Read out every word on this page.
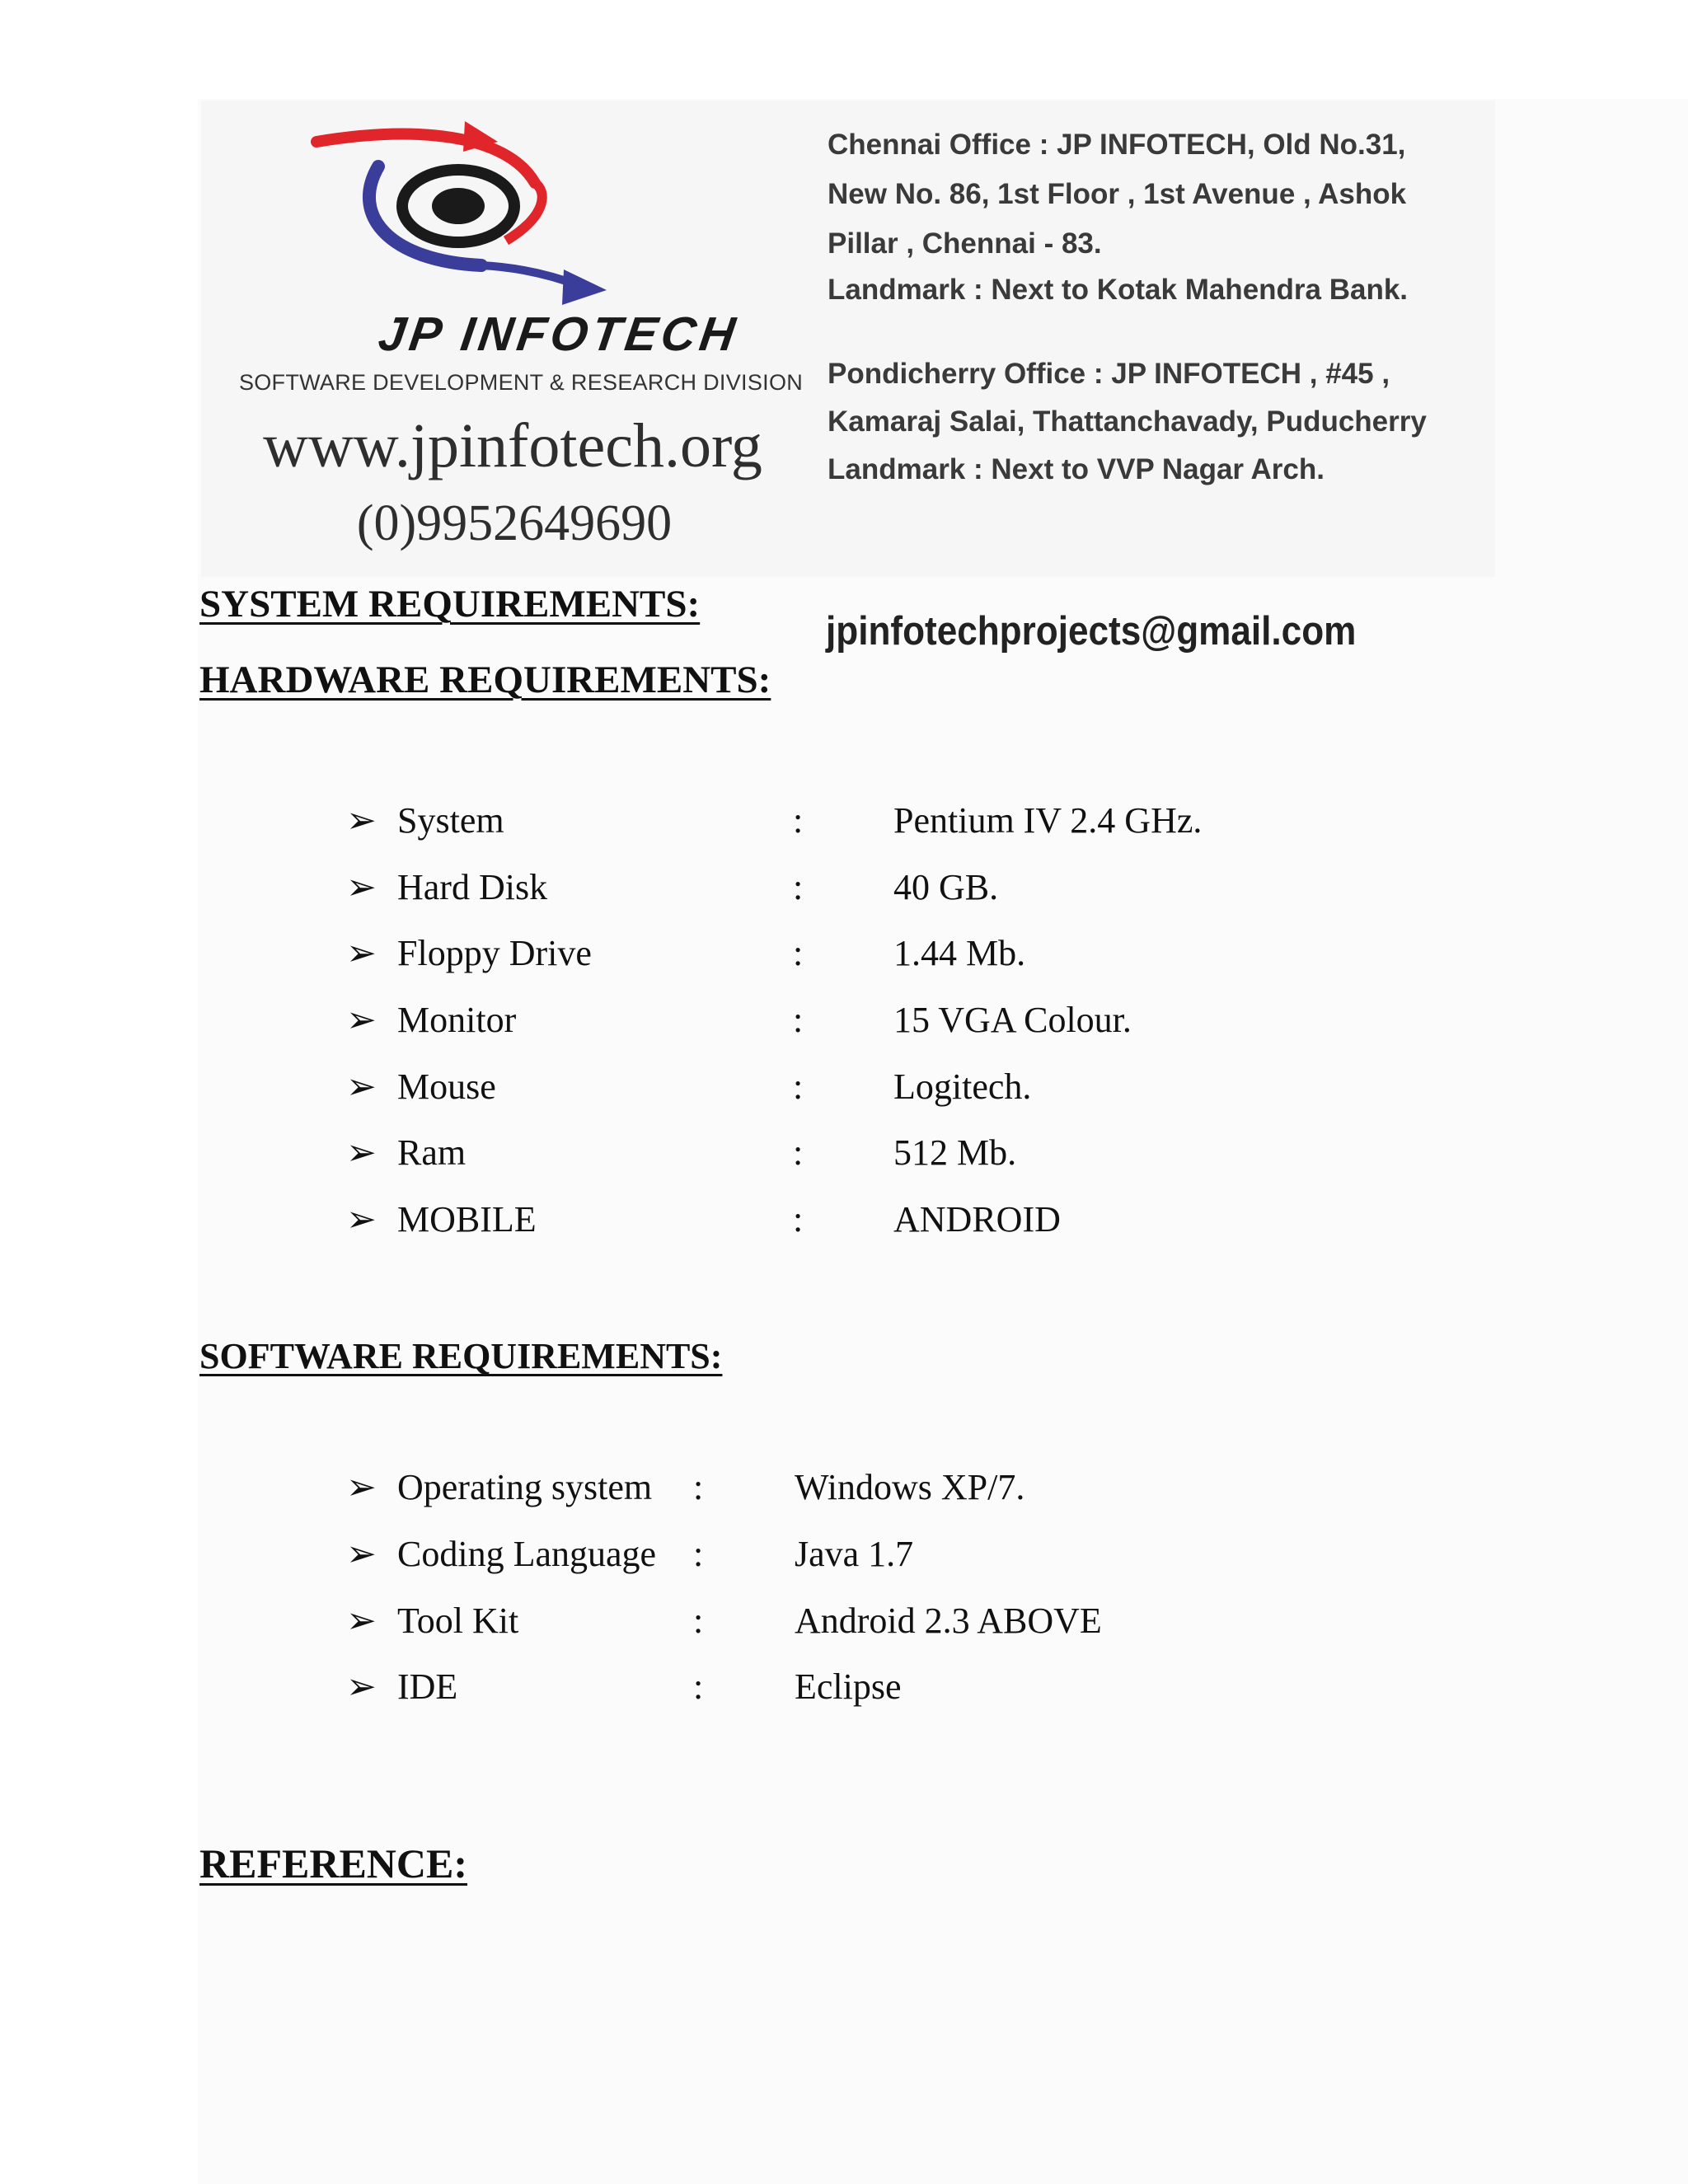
JP INFOTECH
SOFTWARE DEVELOPMENT & RESEARCH DIVISION
www.jpinfotech.org
(0)9952649690
Chennai Office : JP INFOTECH, Old No.31,
New No. 86, 1st Floor , 1st Avenue , Ashok
Pillar , Chennai - 83.
Landmark : Next to Kotak Mahendra Bank.
Pondicherry Office : JP INFOTECH , #45 ,
Kamaraj Salai, Thattanchavady, Puducherry
Landmark : Next to VVP Nagar Arch.
jpinfotechprojects@gmail.com
SYSTEM REQUIREMENTS:
HARDWARE REQUIREMENTS:
➢ System	: Pentium IV 2.4 GHz.
➢ Hard Disk	: 40 GB.
➢ Floppy Drive	: 1.44 Mb.
➢ Monitor	: 15 VGA Colour.
➢ Mouse	: Logitech.
➢ Ram	: 512 Mb.
➢ MOBILE	: ANDROID
SOFTWARE REQUIREMENTS:
➢ Operating system :	Windows XP/7.
➢ Coding Language :	Java 1.7
➢ Tool Kit	:	Android 2.3 ABOVE
➢ IDE	:	Eclipse
REFERENCE:
